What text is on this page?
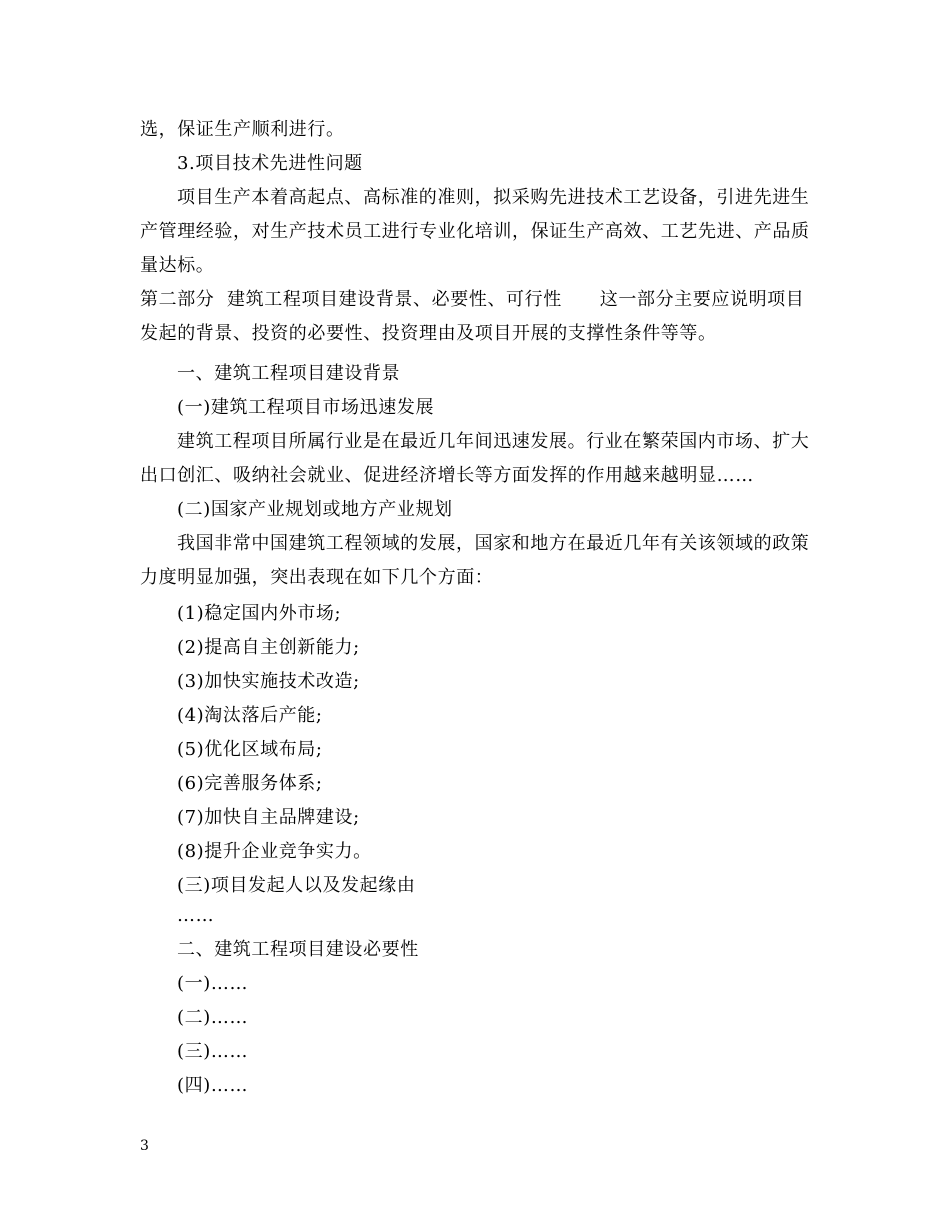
选，保证生产顺利进行。
3.项目技术先进性问题
项目生产本着高起点、高标准的准则，拟采购先进技术工艺设备，引进先进生
产管理经验，对生产技术员工进行专业化培训，保证生产高效、工艺先进、产品质
量达标。
第二部分  建筑工程项目建设背景、必要性、可行性      这一部分主要应说明项目
发起的背景、投资的必要性、投资理由及项目开展的支撑性条件等等。
一、建筑工程项目建设背景
(一)建筑工程项目市场迅速发展
建筑工程项目所属行业是在最近几年间迅速发展。行业在繁荣国内市场、扩大
出口创汇、吸纳社会就业、促进经济增长等方面发挥的作用越来越明显……
(二)国家产业规划或地方产业规划
我国非常中国建筑工程领域的发展，国家和地方在最近几年有关该领域的政策
力度明显加强，突出表现在如下几个方面：
(1)稳定国内外市场;
(2)提高自主创新能力;
(3)加快实施技术改造;
(4)淘汰落后产能;
(5)优化区域布局;
(6)完善服务体系;
(7)加快自主品牌建设;
(8)提升企业竞争实力。
(三)项目发起人以及发起缘由
……
二、建筑工程项目建设必要性
(一)……
(二)……
(三)……
(四)……
3
